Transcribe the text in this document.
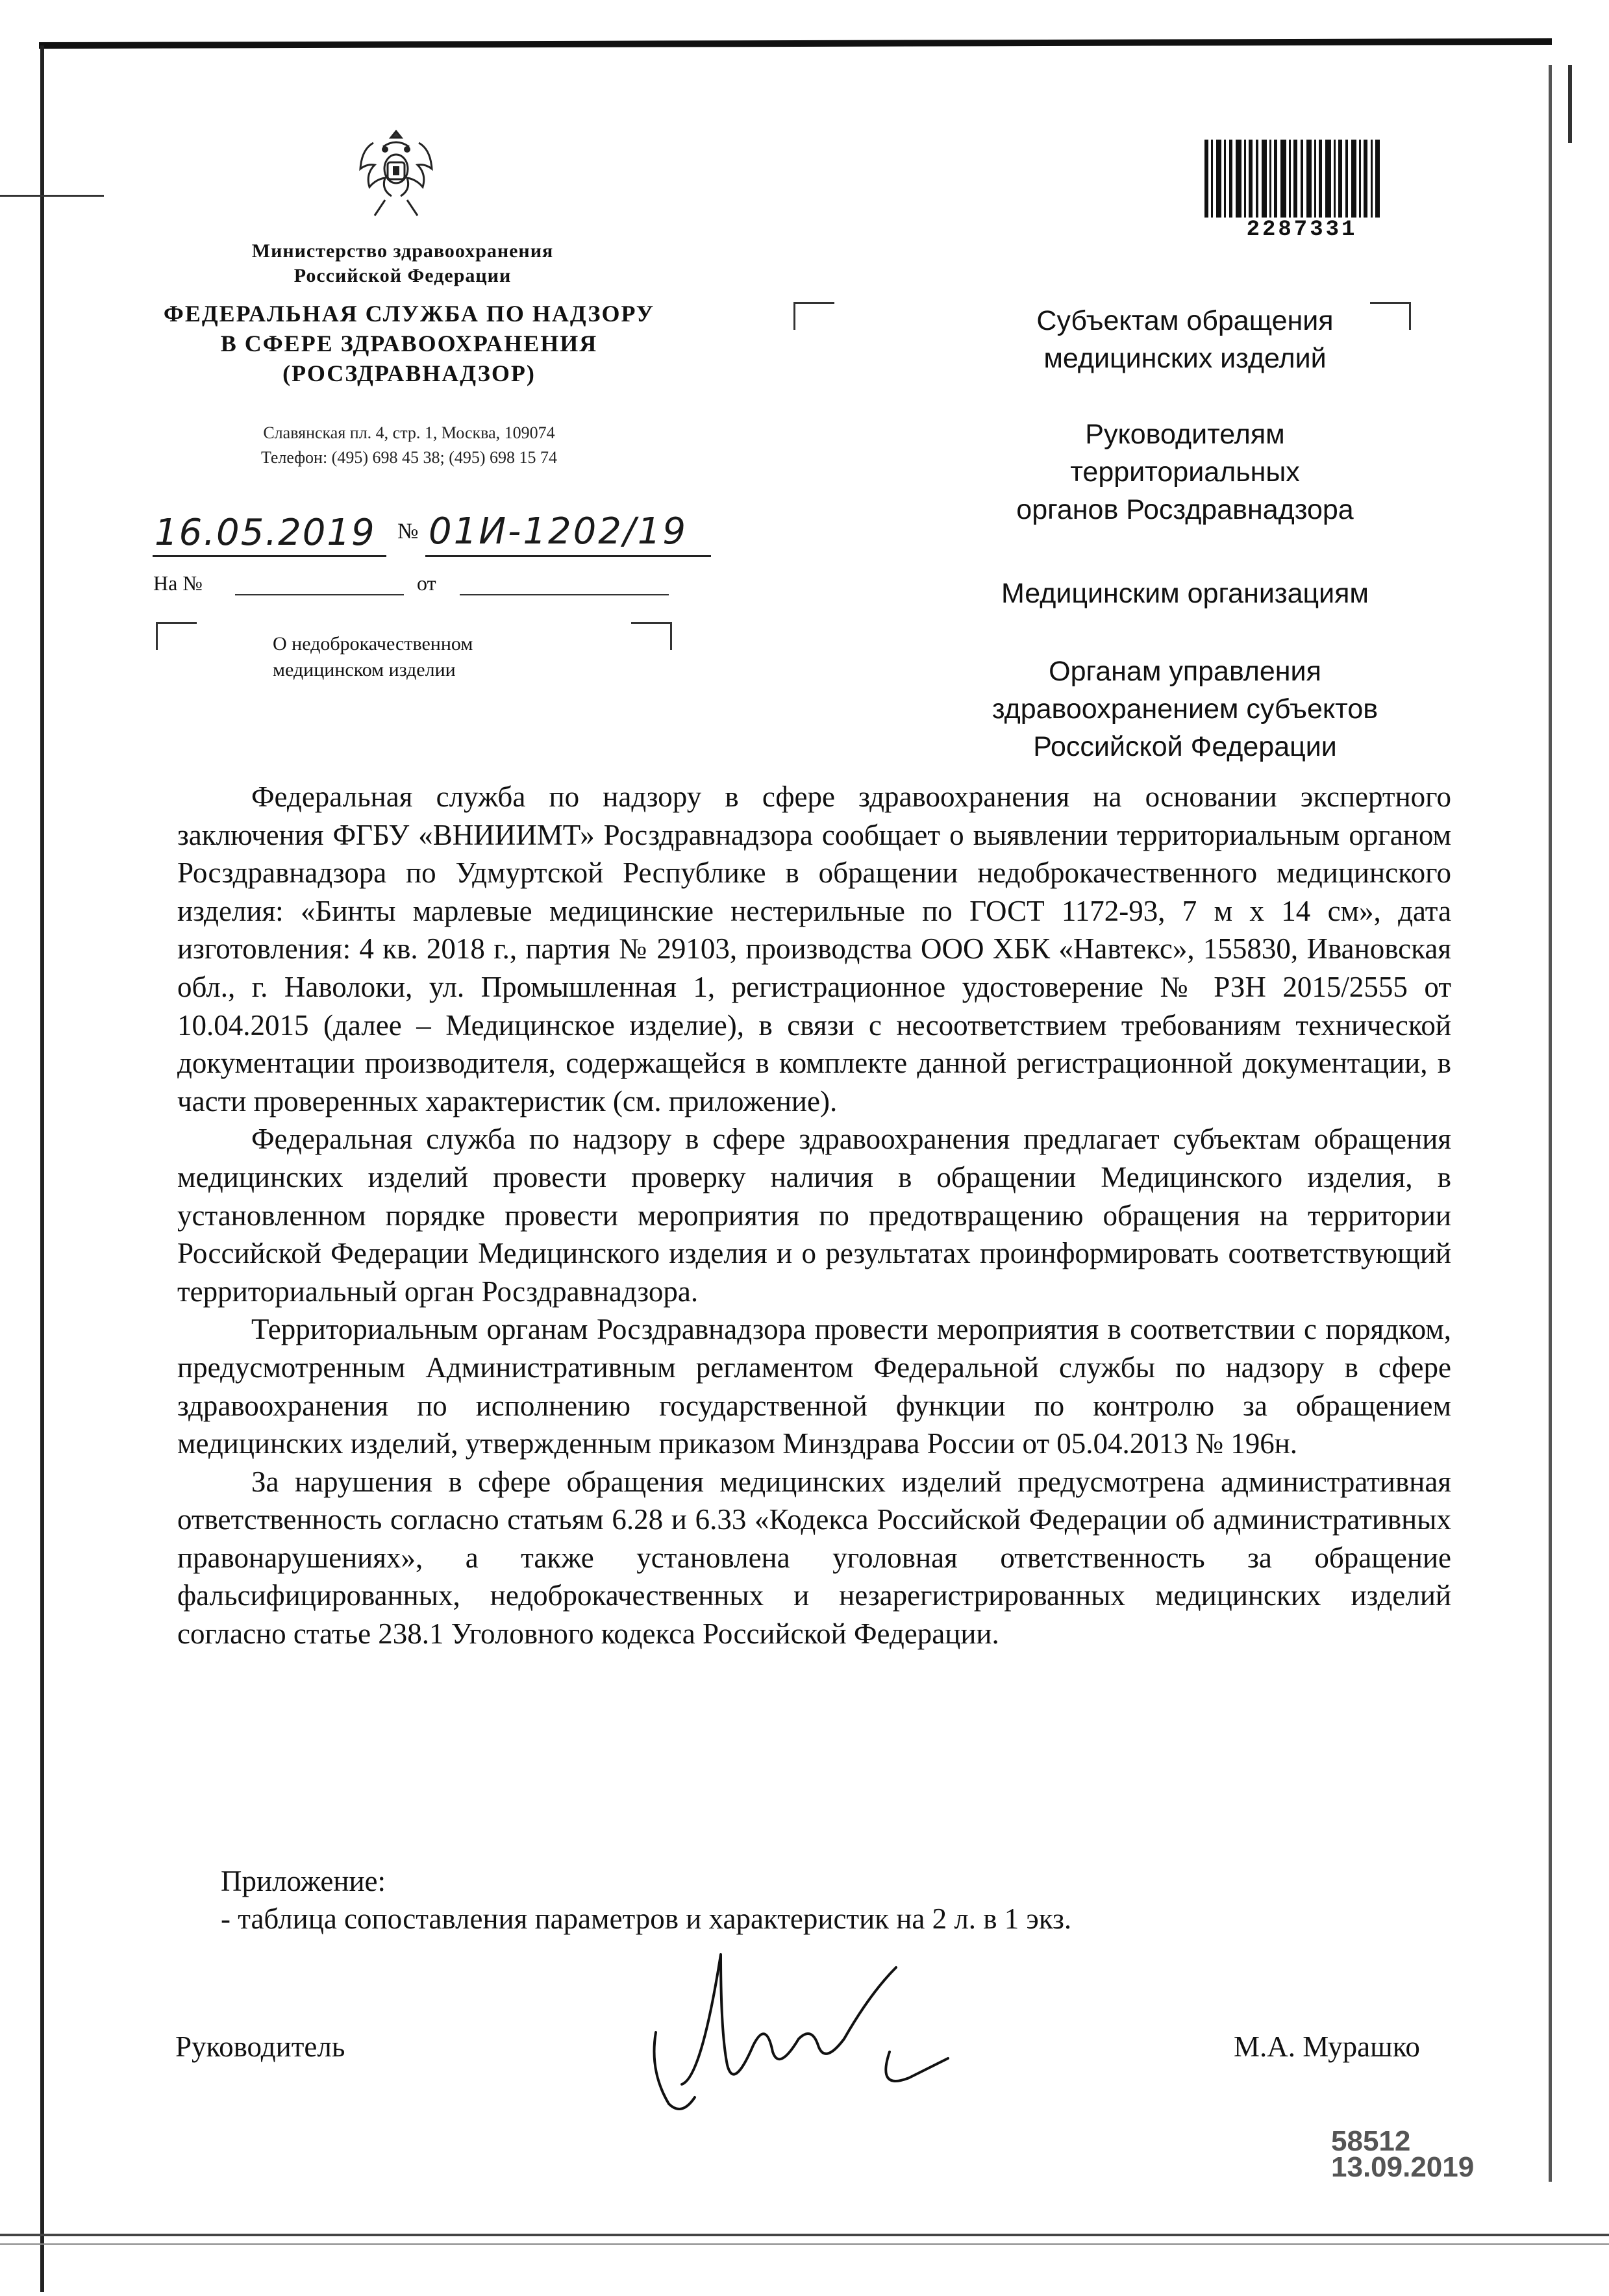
Министерство здравоохранения
Российской Федерации
ФЕДЕРАЛЬНАЯ СЛУЖБА ПО НАДЗОРУ
В СФЕРЕ ЗДРАВООХРАНЕНИЯ
(РОСЗДРАВНАДЗОР)
Славянская пл. 4, стр. 1, Москва, 109074
Телефон: (495) 698 45 38; (495) 698 15 74
16.05.2019 № 01И-1202/19
На №	от
О недоброкачественном
медицинском изделии
2287331
Субъектам обращения
медицинских изделий
Руководителям
территориальных
органов Росздравнадзора
Медицинским организациям
Органам управления
здравоохранением субъектов
Российской Федерации

Федеральная служба по надзору в сфере здравоохранения на основании экспертного заключения ФГБУ «ВНИИИМТ» Росздравнадзора сообщает о выявлении территориальным органом Росздравнадзора по Удмуртской Республике в обращении недоброкачественного медицинского изделия: «Бинты марлевые медицинские нестерильные по ГОСТ 1172-93, 7 м х 14 см», дата изготовления: 4 кв. 2018 г., партия № 29103, производства ООО ХБК «Навтекс», 155830, Ивановская обл., г. Наволоки, ул. Промышленная 1, регистрационное удостоверение № РЗН 2015/2555 от 10.04.2015 (далее – Медицинское изделие), в связи с несоответствием требованиям технической документации производителя, содержащейся в комплекте данной регистрационной документации, в части проверенных характеристик (см. приложение).

Федеральная служба по надзору в сфере здравоохранения предлагает субъектам обращения медицинских изделий провести проверку наличия в обращении Медицинского изделия, в установленном порядке провести мероприятия по предотвращению обращения на территории Российской Федерации Медицинского изделия и о результатах проинформировать соответствующий территориальный орган Росздравнадзора.

Территориальным органам Росздравнадзора провести мероприятия в соответствии с порядком, предусмотренным Административным регламентом Федеральной службы по надзору в сфере здравоохранения по исполнению государственной функции по контролю за обращением медицинских изделий, утвержденным приказом Минздрава России от 05.04.2013 № 196н.

За нарушения в сфере обращения медицинских изделий предусмотрена административная ответственность согласно статьям 6.28 и 6.33 «Кодекса Российской Федерации об административных правонарушениях», а также установлена уголовная ответственность за обращение фальсифицированных, недоброкачественных и незарегистрированных медицинских изделий согласно статье 238.1 Уголовного кодекса Российской Федерации.

Приложение:
- таблица сопоставления параметров и характеристик на 2 л. в 1 экз.
Руководитель	М.А. Мурашко
58512
13.09.2019
